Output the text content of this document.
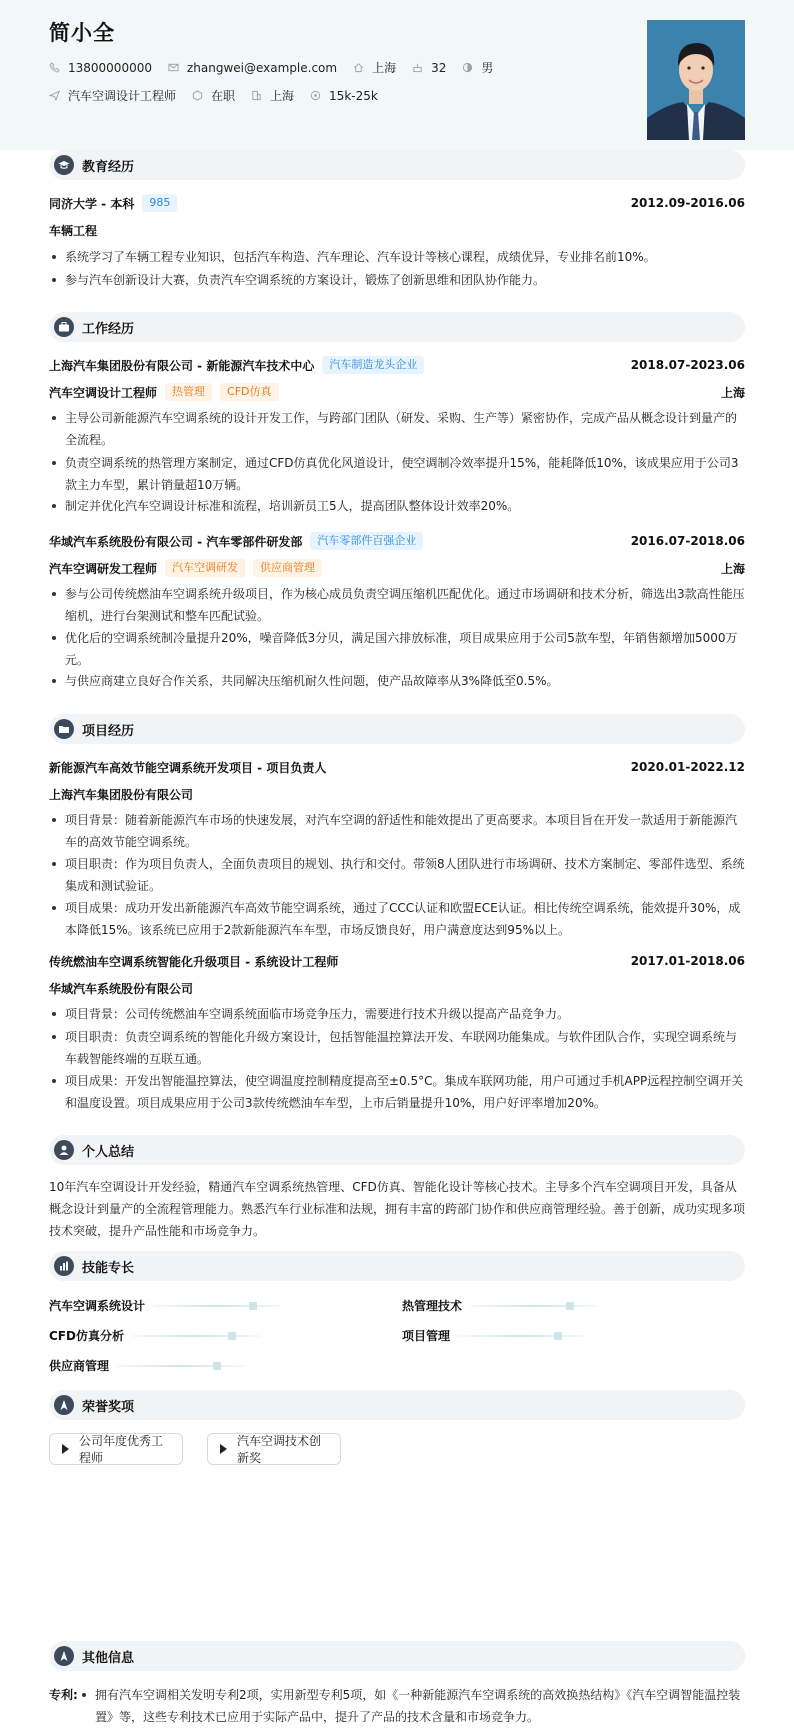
简小全
13800000000	zhangwei@example.com	上海	32	男
汽车空调设计工程师	在职	上海	15k-25k
教育经历
同济大学 - 本科	985	2012.09-2016.06
车辆工程
系统学习了车辆工程专业知识，包括汽车构造、汽车理论、汽车设计等核心课程，成绩优异，专业排名前10%。
参与汽车创新设计大赛，负责汽车空调系统的方案设计，锻炼了创新思维和团队协作能力。
工作经历
上海汽车集团股份有限公司 - 新能源汽车技术中心	汽车制造龙头企业	2018.07-2023.06
汽车空调设计工程师	热管理	CFD仿真	上海
主导公司新能源汽车空调系统的设计开发工作，与跨部门团队（研发、采购、生产等）紧密协作，完成产品从概念设计到量产的全流程。
负责空调系统的热管理方案制定，通过CFD仿真优化风道设计，使空调制冷效率提升15%，能耗降低10%，该成果应用于公司3款主力车型，累计销量超10万辆。
制定并优化汽车空调设计标准和流程，培训新员工5人，提高团队整体设计效率20%。
华域汽车系统股份有限公司 - 汽车零部件研发部	汽车零部件百强企业	2016.07-2018.06
汽车空调研发工程师	汽车空调研发	供应商管理	上海
参与公司传统燃油车空调系统升级项目，作为核心成员负责空调压缩机匹配优化。通过市场调研和技术分析，筛选出3款高性能压缩机，进行台架测试和整车匹配试验。
优化后的空调系统制冷量提升20%，噪音降低3分贝，满足国六排放标准，项目成果应用于公司5款车型，年销售额增加5000万元。
与供应商建立良好合作关系，共同解决压缩机耐久性问题，使产品故障率从3%降低至0.5%。
项目经历
新能源汽车高效节能空调系统开发项目 - 项目负责人	2020.01-2022.12
上海汽车集团股份有限公司
项目背景：随着新能源汽车市场的快速发展，对汽车空调的舒适性和能效提出了更高要求。本项目旨在开发一款适用于新能源汽车的高效节能空调系统。
项目职责：作为项目负责人，全面负责项目的规划、执行和交付。带领8人团队进行市场调研、技术方案制定、零部件选型、系统集成和测试验证。
项目成果：成功开发出新能源汽车高效节能空调系统，通过了CCC认证和欧盟ECE认证。相比传统空调系统，能效提升30%，成本降低15%。该系统已应用于2款新能源汽车车型，市场反馈良好，用户满意度达到95%以上。
传统燃油车空调系统智能化升级项目 - 系统设计工程师	2017.01-2018.06
华域汽车系统股份有限公司
项目背景：公司传统燃油车空调系统面临市场竞争压力，需要进行技术升级以提高产品竞争力。
项目职责：负责空调系统的智能化升级方案设计，包括智能温控算法开发、车联网功能集成。与软件团队合作，实现空调系统与车载智能终端的互联互通。
项目成果：开发出智能温控算法，使空调温度控制精度提高至±0.5°C。集成车联网功能，用户可通过手机APP远程控制空调开关和温度设置。项目成果应用于公司3款传统燃油车车型，上市后销量提升10%，用户好评率增加20%。
个人总结
10年汽车空调设计开发经验，精通汽车空调系统热管理、CFD仿真、智能化设计等核心技术。主导多个汽车空调项目开发，具备从概念设计到量产的全流程管理能力。熟悉汽车行业标准和法规，拥有丰富的跨部门协作和供应商管理经验。善于创新，成功实现多项技术突破，提升产品性能和市场竞争力。
技能专长
汽车空调系统设计	热管理技术
CFD仿真分析	项目管理
供应商管理
荣誉奖项
公司年度优秀工程师
汽车空调技术创新奖
其他信息
专利:	拥有汽车空调相关发明专利2项，实用新型专利5项，如《一种新能源汽车空调系统的高效换热结构》《汽车空调智能温控装置》等，这些专利技术已应用于实际产品中，提升了产品的技术含量和市场竞争力。
